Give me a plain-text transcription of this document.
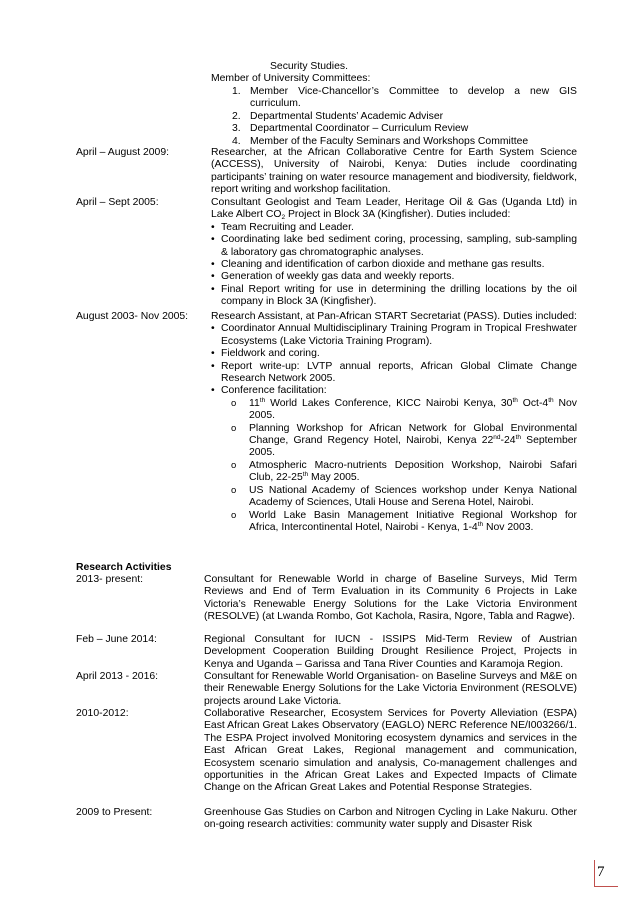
Security Studies.
Member of University Committees:
1. Member Vice-Chancellor’s Committee to develop a new GIS curriculum.
2. Departmental Students’ Academic Adviser
3. Departmental Coordinator – Curriculum Review
4. Member of the Faculty Seminars and Workshops Committee
April – August 2009:	Researcher, at the African Collaborative Centre for Earth System Science (ACCESS), University of Nairobi, Kenya: Duties include coordinating participants’ training on water resource management and biodiversity, fieldwork, report writing and workshop facilitation.
April – Sept 2005:	Consultant Geologist and Team Leader, Heritage Oil & Gas (Uganda Ltd) in Lake Albert $CO_2$ Project in Block 3A (Kingfisher). Duties included:
• Team Recruiting and Leader.
• Coordinating lake bed sediment coring, processing, sampling, sub-sampling & laboratory gas chromatographic analyses.
• Cleaning and identification of carbon dioxide and methane gas results.
• Generation of weekly gas data and weekly reports.
• Final Report writing for use in determining the drilling locations by the oil company in Block 3A (Kingfisher).
August 2003- Nov 2005: Research Assistant, at Pan-African START Secretariat (PASS). Duties included:
• Coordinator Annual Multidisciplinary Training Program in Tropical Freshwater Ecosystems (Lake Victoria Training Program).
• Fieldwork and coring.
• Report write-up: LVTP annual reports, African Global Climate Change Research Network 2005.
• Conference facilitation:
o 11th World Lakes Conference, KICC Nairobi Kenya, 30th Oct-4th Nov
2005.
o Planning Workshop for African Network for Global Environmental
Change, Grand Regency Hotel, Nairobi, Kenya 22nd-24th September
2005.
o Atmospheric Macro-nutrients Deposition Workshop, Nairobi Safari
Club, 22-25th May 2005.
o US National Academy of Sciences workshop under Kenya National
Academy of Sciences, Utali House and Serena Hotel, Nairobi.
o World Lake Basin Management Initiative Regional Workshop for
Africa, Intercontinental Hotel, Nairobi - Kenya, 1-4th Nov 2003.
Research Activities
2013- present:	Consultant for Renewable World in charge of Baseline Surveys, Mid Term Reviews and End of Term Evaluation in its Community 6 Projects in Lake Victoria’s Renewable Energy Solutions for the Lake Victoria Environment (RESOLVE) (at Lwanda Rombo, Got Kachola, Rasira, Ngore, Tabla and Ragwe).
Feb – June 2014:	Regional Consultant for IUCN - ISSIPS Mid-Term Review of Austrian Development Cooperation Building Drought Resilience Project, Projects in Kenya and Uganda – Garissa and Tana River Counties and Karamoja Region.
April 2013 - 2016:	Consultant for Renewable World Organisation- on Baseline Surveys and M&E on their Renewable Energy Solutions for the Lake Victoria Environment (RESOLVE) projects around Lake Victoria.
2010-2012:	Collaborative Researcher, Ecosystem Services for Poverty Alleviation (ESPA) East African Great Lakes Observatory (EAGLO) NERC Reference NE/I003266/1. The ESPA Project involved Monitoring ecosystem dynamics and services in the East African Great Lakes, Regional management and communication, Ecosystem scenario simulation and analysis, Co-management challenges and opportunities in the African Great Lakes and Expected Impacts of Climate Change on the African Great Lakes and Potential Response Strategies.
2009 to Present:	Greenhouse Gas Studies on Carbon and Nitrogen Cycling in Lake Nakuru. Other on-going research activities: community water supply and Disaster Risk
7
